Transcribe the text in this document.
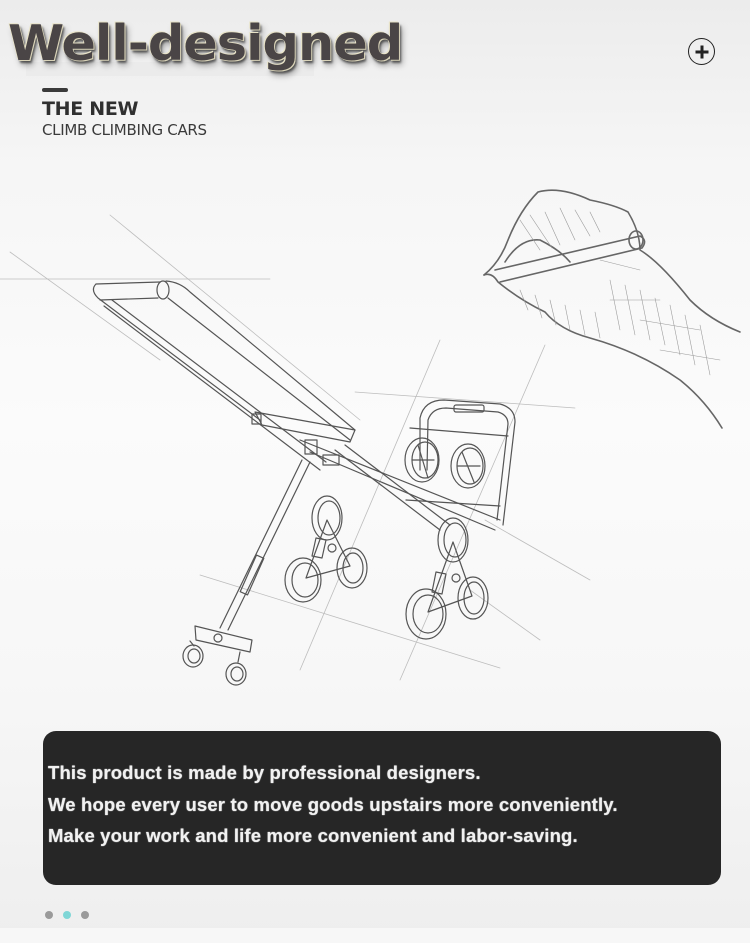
Well-designed
THE NEW
CLIMB CLIMBING CARS
This product is made by professional designers.
We hope every user to move goods upstairs more conveniently.
Make your work and life more convenient and labor-saving.
